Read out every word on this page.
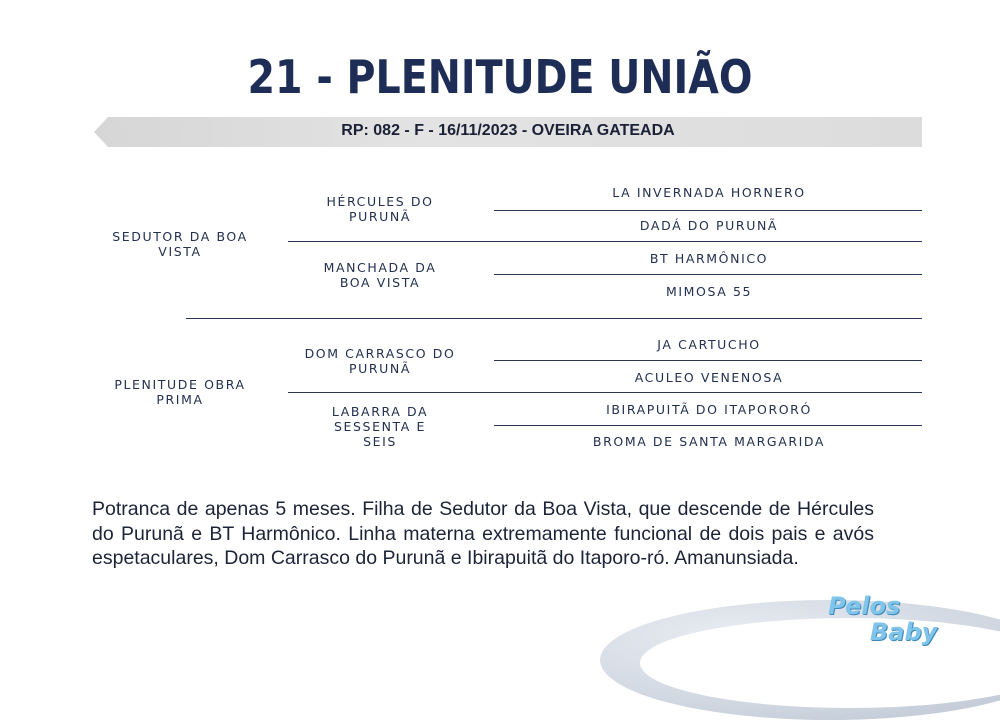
21 - PLENITUDE UNIÃO
RP: 082 - F - 16/11/2023 - OVEIRA GATEADA
SEDUTOR DA BOA VISTA
PLENITUDE OBRA PRIMA
HÉRCULES DO PURUNÃ
MANCHADA DA BOA VISTA
DOM CARRASCO DO PURUNÃ
LABARRA DA SESSENTA E SEIS
LA INVERNADA HORNERO
DADÁ DO PURUNÃ
BT HARMÔNICO
MIMOSA 55
JA CARTUCHO
ACULEO VENENOSA
IBIRAPUITÃ DO ITAPORORÓ
BROMA DE SANTA MARGARIDA
Potranca de apenas 5 meses. Filha de Sedutor da Boa Vista, que descende de Hércules do Purunã e BT Harmônico. Linha materna extremamente funcional de dois pais e avós espetaculares, Dom Carrasco do Purunã e Ibirapuitã do Itaporo-ró. Amanunsiada.
Pelos
Baby
